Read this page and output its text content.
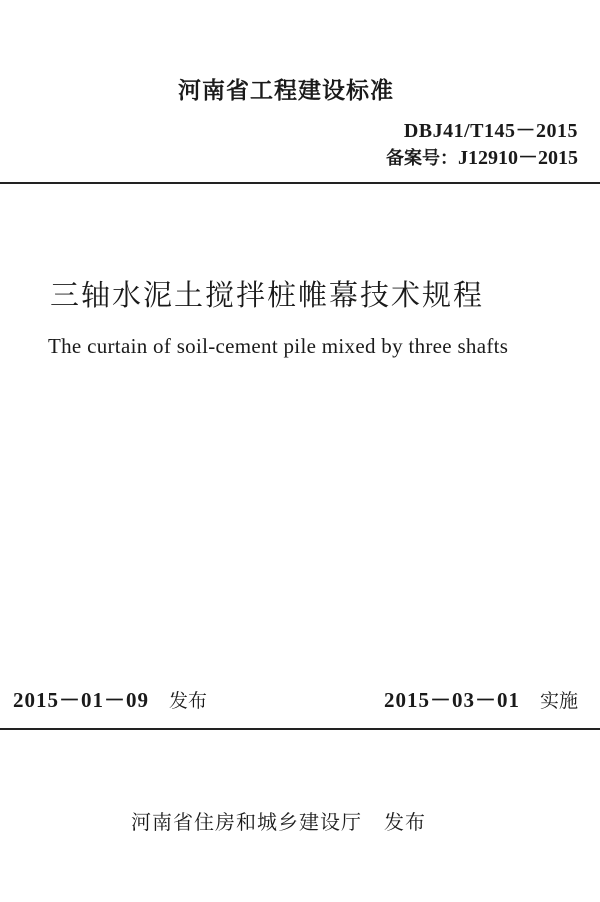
河南省工程建设标准
DBJ41/T145－2015
备案号：J12910－2015
三轴水泥土搅拌桩帷幕技术规程
The curtain of soil-cement pile mixed by three shafts
2015－01－09 发布	2015－03－01 实施
河南省住房和城乡建设厅 发布
